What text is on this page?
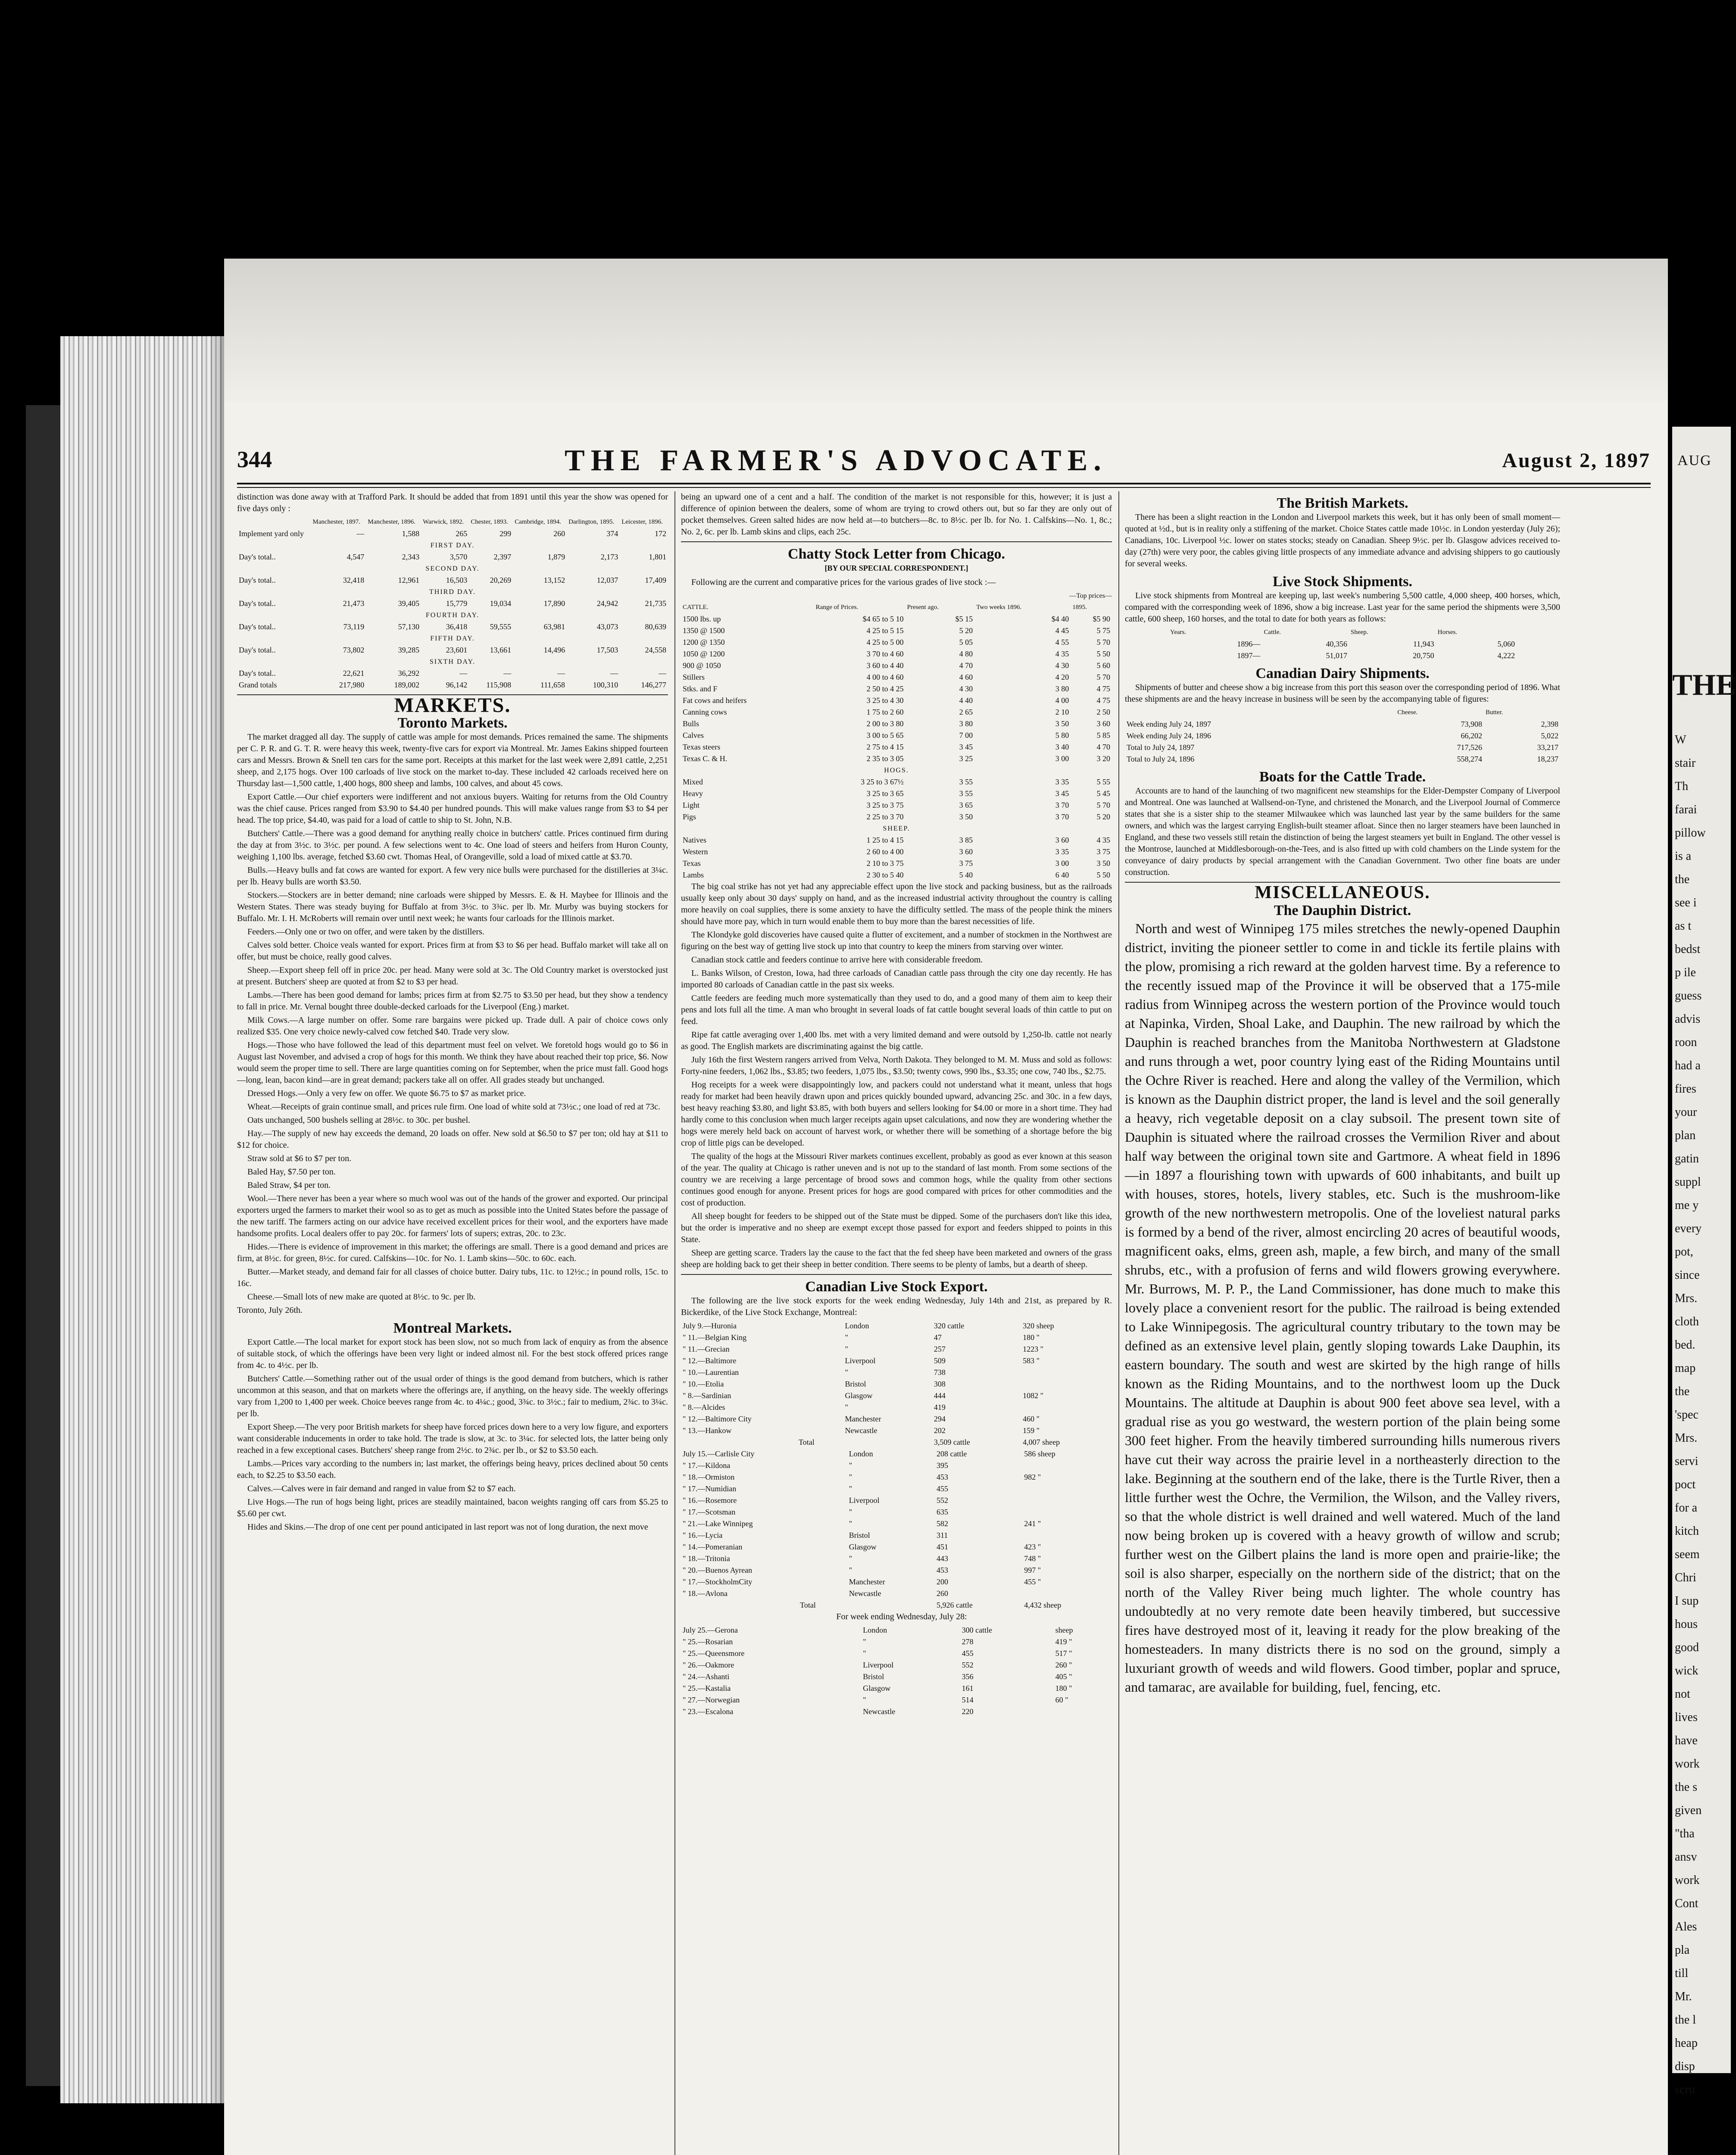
344	THE FARMER'S ADVOCATE.	August 2, 1897

distinction was done away with at Trafford Park. It should be added that from 1891 until this year the show was opened for five days only :

	Manchester, 1897.	Manchester, 1896.	Warwick, 1892.	Chester, 1893.	Cambridge, 1894.	Darlington, 1895.	Leicester, 1896.
Implement yard only	—	1,588	265	299	260	374	172
FIRST DAY.							
Day's total..	4,547	2,343	3,570	2,397	1,879	2,173	1,801
SECOND DAY.							
Day's total..	32,418	12,961	16,503	20,269	13,152	12,037	17,409
THIRD DAY.							
Day's total..	21,473	39,405	15,779	19,034	17,890	24,942	21,735
FOURTH DAY.							
Day's total..	73,119	57,130	36,418	59,555	63,981	43,073	80,639
FIFTH DAY.							
Day's total..	73,802	39,285	23,601	13,661	14,496	17,503	24,558
SIXTH DAY.							
Day's total..	22,621	36,292	—	—	—	—	—
Grand totals	217,980	189,002	96,142	115,908	111,658	100,310	146,277
MARKETS.
Toronto Markets.

The market dragged all day. The supply of cattle was ample for most demands. Prices remained the same. The shipments per C. P. R. and G. T. R. were heavy this week, twenty-five cars for export via Montreal. Mr. James Eakins shipped fourteen cars and Messrs. Brown & Snell ten cars for the same port. Receipts at this market for the last week were 2,891 cattle, 2,251 sheep, and 2,175 hogs. Over 100 carloads of live stock on the market to-day. These included 42 carloads received here on Thursday last—1,500 cattle, 1,400 hogs, 800 sheep and lambs, 100 calves, and about 45 cows.

Export Cattle.—Our chief exporters were indifferent and not anxious buyers. Waiting for returns from the Old Country was the chief cause. Prices ranged from $3.90 to $4.40 per hundred pounds. This will make values range from $3 to $4 per head. The top price, $4.40, was paid for a load of cattle to ship to St. John, N.B.

Butchers' Cattle.—There was a good demand for anything really choice in butchers' cattle. Prices continued firm during the day at from 3½c. to 3½c. per pound. A few selections went to 4c. One load of steers and heifers from Huron County, weighing 1,100 lbs. average, fetched $3.60 cwt. Thomas Heal, of Orangeville, sold a load of mixed cattle at $3.70.

Bulls.—Heavy bulls and fat cows are wanted for export. A few very nice bulls were purchased for the distilleries at 3¼c. per lb. Heavy bulls are worth $3.50.

Stockers.—Stockers are in better demand; nine carloads were shipped by Messrs. E. & H. Maybee for Illinois and the Western States. There was steady buying for Buffalo at from 3½c. to 3¾c. per lb. Mr. Murby was buying stockers for Buffalo. Mr. I. H. McRoberts will remain over until next week; he wants four carloads for the Illinois market.

Feeders.—Only one or two on offer, and were taken by the distillers.

Calves sold better. Choice veals wanted for export. Prices firm at from $3 to $6 per head. Buffalo market will take all on offer, but must be choice, really good calves.

Sheep.—Export sheep fell off in price 20c. per head. Many were sold at 3c. The Old Country market is overstocked just at present. Butchers' sheep are quoted at from $2 to $3 per head.

Lambs.—There has been good demand for lambs; prices firm at from $2.75 to $3.50 per head, but they show a tendency to fall in price. Mr. Vernal bought three double-decked carloads for the Liverpool (Eng.) market.

Milk Cows.—A large number on offer. Some rare bargains were picked up. Trade dull. A pair of choice cows only realized $35. One very choice newly-calved cow fetched $40. Trade very slow.

Hogs.—Those who have followed the lead of this department must feel on velvet. We foretold hogs would go to $6 in August last November, and advised a crop of hogs for this month. We think they have about reached their top price, $6. Now would seem the proper time to sell. There are large quantities coming on for September, when the price must fall. Good hogs—long, lean, bacon kind—are in great demand; packers take all on offer. All grades steady but unchanged.

Dressed Hogs.—Only a very few on offer. We quote $6.75 to $7 as market price.

Wheat.—Receipts of grain continue small, and prices rule firm. One load of white sold at 73½c.; one load of red at 73c.

Oats unchanged, 500 bushels selling at 28½c. to 30c. per bushel.

Hay.—The supply of new hay exceeds the demand, 20 loads on offer. New sold at $6.50 to $7 per ton; old hay at $11 to $12 for choice.

Straw sold at $6 to $7 per ton.

Baled Hay, $7.50 per ton.

Baled Straw, $4 per ton.

Wool.—There never has been a year where so much wool was out of the hands of the grower and exported. Our principal exporters urged the farmers to market their wool so as to get as much as possible into the United States before the passage of the new tariff. The farmers acting on our advice have received excellent prices for their wool, and the exporters have made handsome profits. Local dealers offer to pay 20c. for farmers' lots of supers; extras, 20c. to 23c.

Hides.—There is evidence of improvement in this market; the offerings are small. There is a good demand and prices are firm, at 8½c. for green, 8½c. for cured. Calfskins—10c. for No. 1. Lamb skins—50c. to 60c. each.

Butter.—Market steady, and demand fair for all classes of choice butter. Dairy tubs, 11c. to 12½c.; in pound rolls, 15c. to 16c.

Cheese.—Small lots of new make are quoted at 8½c. to 9c. per lb.

Toronto, July 26th.

Montreal Markets.

Export Cattle.—The local market for export stock has been slow, not so much from lack of enquiry as from the absence of suitable stock, of which the offerings have been very light or indeed almost nil. For the best stock offered prices range from 4c. to 4½c. per lb.

Butchers' Cattle.—Something rather out of the usual order of things is the good demand from butchers, which is rather uncommon at this season, and that on markets where the offerings are, if anything, on the heavy side. The weekly offerings vary from 1,200 to 1,400 per week. Choice beeves range from 4c. to 4¼c.; good, 3¾c. to 3½c.; fair to medium, 2¾c. to 3¼c. per lb.

Export Sheep.—The very poor British markets for sheep have forced prices down here to a very low figure, and exporters want considerable inducements in order to take hold. The trade is slow, at 3c. to 3¼c. for selected lots, the latter being only reached in a few exceptional cases. Butchers' sheep range from 2½c. to 2¾c. per lb., or $2 to $3.50 each.

Lambs.—Prices vary according to the numbers in; last market, the offerings being heavy, prices declined about 50 cents each, to $2.25 to $3.50 each.

Calves.—Calves were in fair demand and ranged in value from $2 to $7 each.

Live Hogs.—The run of hogs being light, prices are steadily maintained, bacon weights ranging off cars from $5.25 to $5.60 per cwt.

Hides and Skins.—The drop of one cent per pound anticipated in last report was not of long duration, the next move

being an upward one of a cent and a half. The condition of the market is not responsible for this, however; it is just a difference of opinion between the dealers, some of whom are trying to crowd others out, but so far they are only out of pocket themselves. Green salted hides are now held at—to butchers—8c. to 8½c. per lb. for No. 1. Calfskins—No. 1, 8c.; No. 2, 6c. per lb. Lamb skins and clips, each 25c.

Chatty Stock Letter from Chicago.
[BY OUR SPECIAL CORRESPONDENT.]

Following are the current and comparative prices for the various grades of live stock :—

—Top prices—
CATTLE.	Range of Prices.	Present ago.	Two weeks 1896.	1895.
1500 lbs. up	$4 65 to 5 10	$5 15	$4 40	$5 90
1350 @ 1500	4 25 to 5 15	5 20	4 45	5 75
1200 @ 1350	4 25 to 5 00	5 05	4 55	5 70
1050 @ 1200	3 70 to 4 60	4 80	4 35	5 50
900 @ 1050	3 60 to 4 40	4 70	4 30	5 60
Stillers	4 00 to 4 60	4 60	4 20	5 70
Stks. and F	2 50 to 4 25	4 30	3 80	4 75
Fat cows and heifers	3 25 to 4 30	4 40	4 00	4 75
Canning cows	1 75 to 2 60	2 65	2 10	2 50
Bulls	2 00 to 3 80	3 80	3 50	3 60
Calves	3 00 to 5 65	7 00	5 80	5 85
Texas steers	2 75 to 4 15	3 45	3 40	4 70
Texas C. & H.	2 35 to 3 05	3 25	3 00	3 20
HOGS.				
Mixed	3 25 to 3 67½	3 55	3 35	5 55
Heavy	3 25 to 3 65	3 55	3 45	5 45
Light	3 25 to 3 75	3 65	3 70	5 70
Pigs	2 25 to 3 70	3 50	3 70	5 20
SHEEP.				
Natives	1 25 to 4 15	3 85	3 60	4 35
Western	2 60 to 4 00	3 60	3 35	3 75
Texas	2 10 to 3 75	3 75	3 00	3 50
Lambs	2 30 to 5 40	5 40	6 40	5 50

The big coal strike has not yet had any appreciable effect upon the live stock and packing business, but as the railroads usually keep only about 30 days' supply on hand, and as the increased industrial activity throughout the country is calling more heavily on coal supplies, there is some anxiety to have the difficulty settled. The mass of the people think the miners should have more pay, which in turn would enable them to buy more than the barest necessities of life.

The Klondyke gold discoveries have caused quite a flutter of excitement, and a number of stockmen in the Northwest are figuring on the best way of getting live stock up into that country to keep the miners from starving over winter.

Canadian stock cattle and feeders continue to arrive here with considerable freedom.

L. Banks Wilson, of Creston, Iowa, had three carloads of Canadian cattle pass through the city one day recently. He has imported 80 carloads of Canadian cattle in the past six weeks.

Cattle feeders are feeding much more systematically than they used to do, and a good many of them aim to keep their pens and lots full all the time. A man who brought in several loads of fat cattle bought several loads of thin cattle to put on feed.

Ripe fat cattle averaging over 1,400 lbs. met with a very limited demand and were outsold by 1,250-lb. cattle not nearly as good. The English markets are discriminating against the big cattle.

July 16th the first Western rangers arrived from Velva, North Dakota. They belonged to M. M. Muss and sold as follows: Forty-nine feeders, 1,062 lbs., $3.85; two feeders, 1,075 lbs., $3.50; twenty cows, 990 lbs., $3.35; one cow, 740 lbs., $2.75.

Hog receipts for a week were disappointingly low, and packers could not understand what it meant, unless that hogs ready for market had been heavily drawn upon and prices quickly bounded upward, advancing 25c. and 30c. in a few days, best heavy reaching $3.80, and light $3.85, with both buyers and sellers looking for $4.00 or more in a short time. They had hardly come to this conclusion when much larger receipts again upset calculations, and now they are wondering whether the hogs were merely held back on account of harvest work, or whether there will be something of a shortage before the big crop of little pigs can be developed.

The quality of the hogs at the Missouri River markets continues excellent, probably as good as ever known at this season of the year. The quality at Chicago is rather uneven and is not up to the standard of last month. From some sections of the country we are receiving a large percentage of brood sows and common hogs, while the quality from other sections continues good enough for anyone. Present prices for hogs are good compared with prices for other commodities and the cost of production.

All sheep bought for feeders to be shipped out of the State must be dipped. Some of the purchasers don't like this idea, but the order is imperative and no sheep are exempt except those passed for export and feeders shipped to points in this State.

Sheep are getting scarce. Traders lay the cause to the fact that the fed sheep have been marketed and owners of the grass sheep are holding back to get their sheep in better condition. There seems to be plenty of lambs, but a dearth of sheep.

Canadian Live Stock Export.

The following are the live stock exports for the week ending Wednesday, July 14th and 21st, as prepared by R. Bickerdike, of the Live Stock Exchange, Montreal:

July 9.—Huronia	London	320 cattle	320 sheep
" 11.—Belgian King	"	47	180 "
" 11.—Grecian	"	257	1223 "
" 12.—Baltimore	Liverpool	509	583 "
" 10.—Laurentian	"	738	
" 10.—Etolia	Bristol	308	
" 8.—Sardinian	Glasgow	444	1082 "
" 8.—Alcides	"	419	
" 12.—Baltimore City	Manchester	294	460 "
" 13.—Hankow	Newcastle	202	159 "
Total		3,509 cattle	4,007 sheep
July 15.—Carlisle City	London	208 cattle	586 sheep
" 17.—Kildona	"	395	
" 18.—Ormiston	"	453	982 "
" 17.—Numidian	"	455	
" 16.—Rosemore	Liverpool	552	
" 17.—Scotsman	"	635	
" 21.—Lake Winnipeg	"	582	241 "
" 16.—Lycia	Bristol	311	
" 14.—Pomeranian	Glasgow	451	423 "
" 18.—Tritonia	"	443	748 "
" 20.—Buenos Ayrean	"	453	997 "
" 17.—StockholmCity	Manchester	200	455 "
" 18.—Avlona	Newcastle	260	
Total		5,926 cattle	4,432 sheep

For week ending Wednesday, July 28:

July 25.—Gerona	London	300 cattle	sheep
" 25.—Rosarian	"	278	419 "
" 25.—Queensmore	"	455	517 "
" 26.—Oakmore	Liverpool	552	260 "
" 24.—Ashanti	Bristol	356	405 "
" 25.—Kastalia	Glasgow	161	180 "
" 27.—Norwegian	"	514	60 "
" 23.—Escalona	Newcastle	220	
The British Markets.

There has been a slight reaction in the London and Liverpool markets this week, but it has only been of small moment—quoted at ½d., but is in reality only a stiffening of the market. Choice States cattle made 10½c. in London yesterday (July 26); Canadians, 10c. Liverpool ½c. lower on states stocks; steady on Canadian. Sheep 9½c. per lb. Glasgow advices received to-day (27th) were very poor, the cables giving little prospects of any immediate advance and advising shippers to go cautiously for several weeks.

Live Stock Shipments.

Live stock shipments from Montreal are keeping up, last week's numbering 5,500 cattle, 4,000 sheep, 400 horses, which, compared with the corresponding week of 1896, show a big increase. Last year for the same period the shipments were 3,500 cattle, 600 sheep, 160 horses, and the total to date for both years as follows:

Years.	Cattle.	Sheep.	Horses.
1896—	40,356	11,943	5,060
1897—	51,017	20,750	4,222
Canadian Dairy Shipments.

Shipments of butter and cheese show a big increase from this port this season over the corresponding period of 1896. What these shipments are and the heavy increase in business will be seen by the accompanying table of figures:

	Cheese.	Butter.
Week ending July 24, 1897	73,908	2,398
Week ending July 24, 1896	66,202	5,022
Total to July 24, 1897	717,526	33,217
Total to July 24, 1896	558,274	18,237
Boats for the Cattle Trade.

Accounts are to hand of the launching of two magnificent new steamships for the Elder-Dempster Company of Liverpool and Montreal. One was launched at Wallsend-on-Tyne, and christened the Monarch, and the Liverpool Journal of Commerce states that she is a sister ship to the steamer Milwaukee which was launched last year by the same builders for the same owners, and which was the largest carrying English-built steamer afloat. Since then no larger steamers have been launched in England, and these two vessels still retain the distinction of being the largest steamers yet built in England. The other vessel is the Montrose, launched at Middlesborough-on-the-Tees, and is also fitted up with cold chambers on the Linde system for the conveyance of dairy products by special arrangement with the Canadian Government. Two other fine boats are under construction.

MISCELLANEOUS.
The Dauphin District.

North and west of Winnipeg 175 miles stretches the newly-opened Dauphin district, inviting the pioneer settler to come in and tickle its fertile plains with the plow, promising a rich reward at the golden harvest time. By a reference to the recently issued map of the Province it will be observed that a 175-mile radius from Winnipeg across the western portion of the Province would touch at Napinka, Virden, Shoal Lake, and Dauphin. The new railroad by which the Dauphin is reached branches from the Manitoba Northwestern at Gladstone and runs through a wet, poor country lying east of the Riding Mountains until the Ochre River is reached. Here and along the valley of the Vermilion, which is known as the Dauphin district proper, the land is level and the soil generally a heavy, rich vegetable deposit on a clay subsoil. The present town site of Dauphin is situated where the railroad crosses the Vermilion River and about half way between the original town site and Gartmore. A wheat field in 1896—in 1897 a flourishing town with upwards of 600 inhabitants, and built up with houses, stores, hotels, livery stables, etc. Such is the mushroom-like growth of the new northwestern metropolis. One of the loveliest natural parks is formed by a bend of the river, almost encircling 20 acres of beautiful woods, magnificent oaks, elms, green ash, maple, a few birch, and many of the small shrubs, etc., with a profusion of ferns and wild flowers growing everywhere. Mr. Burrows, M. P. P., the Land Commissioner, has done much to make this lovely place a convenient resort for the public. The railroad is being extended to Lake Winnipegosis. The agricultural country tributary to the town may be defined as an extensive level plain, gently sloping towards Lake Dauphin, its eastern boundary. The south and west are skirted by the high range of hills known as the Riding Mountains, and to the northwest loom up the Duck Mountains. The altitude at Dauphin is about 900 feet above sea level, with a gradual rise as you go westward, the western portion of the plain being some 300 feet higher. From the heavily timbered surrounding hills numerous rivers have cut their way across the prairie level in a northeasterly direction to the lake. Beginning at the southern end of the lake, there is the Turtle River, then a little further west the Ochre, the Vermilion, the Wilson, and the Valley rivers, so that the whole district is well drained and well watered. Much of the land now being broken up is covered with a heavy growth of willow and scrub; further west on the Gilbert plains the land is more open and prairie-like; the soil is also sharper, especially on the northern side of the district; that on the north of the Valley River being much lighter. The whole country has undoubtedly at no very remote date been heavily timbered, but successive fires have destroyed most of it, leaving it ready for the plow breaking of the homesteaders. In many districts there is no sod on the ground, simply a luxuriant growth of weeds and wild flowers. Good timber, poplar and spruce, and tamarac, are available for building, fuel, fencing, etc.

AUG
THE
W
stair
Th
farai
pillow
is a
the
see i
as t
bedst
p ile
guess
advis
roon
had a
fires
your
plan
gatin
suppl
me y
every
pot,
since
Mrs.
cloth
bed.
map
the
'spec
Mrs.
servi
poct
for a
kitch
seem
Chri
I sup
hous
good
wick
not
lives
have
work
the s
given
"tha
ansv
work
Cont
Ales
pla
till
Mr.
the l
heap
disp
scru
